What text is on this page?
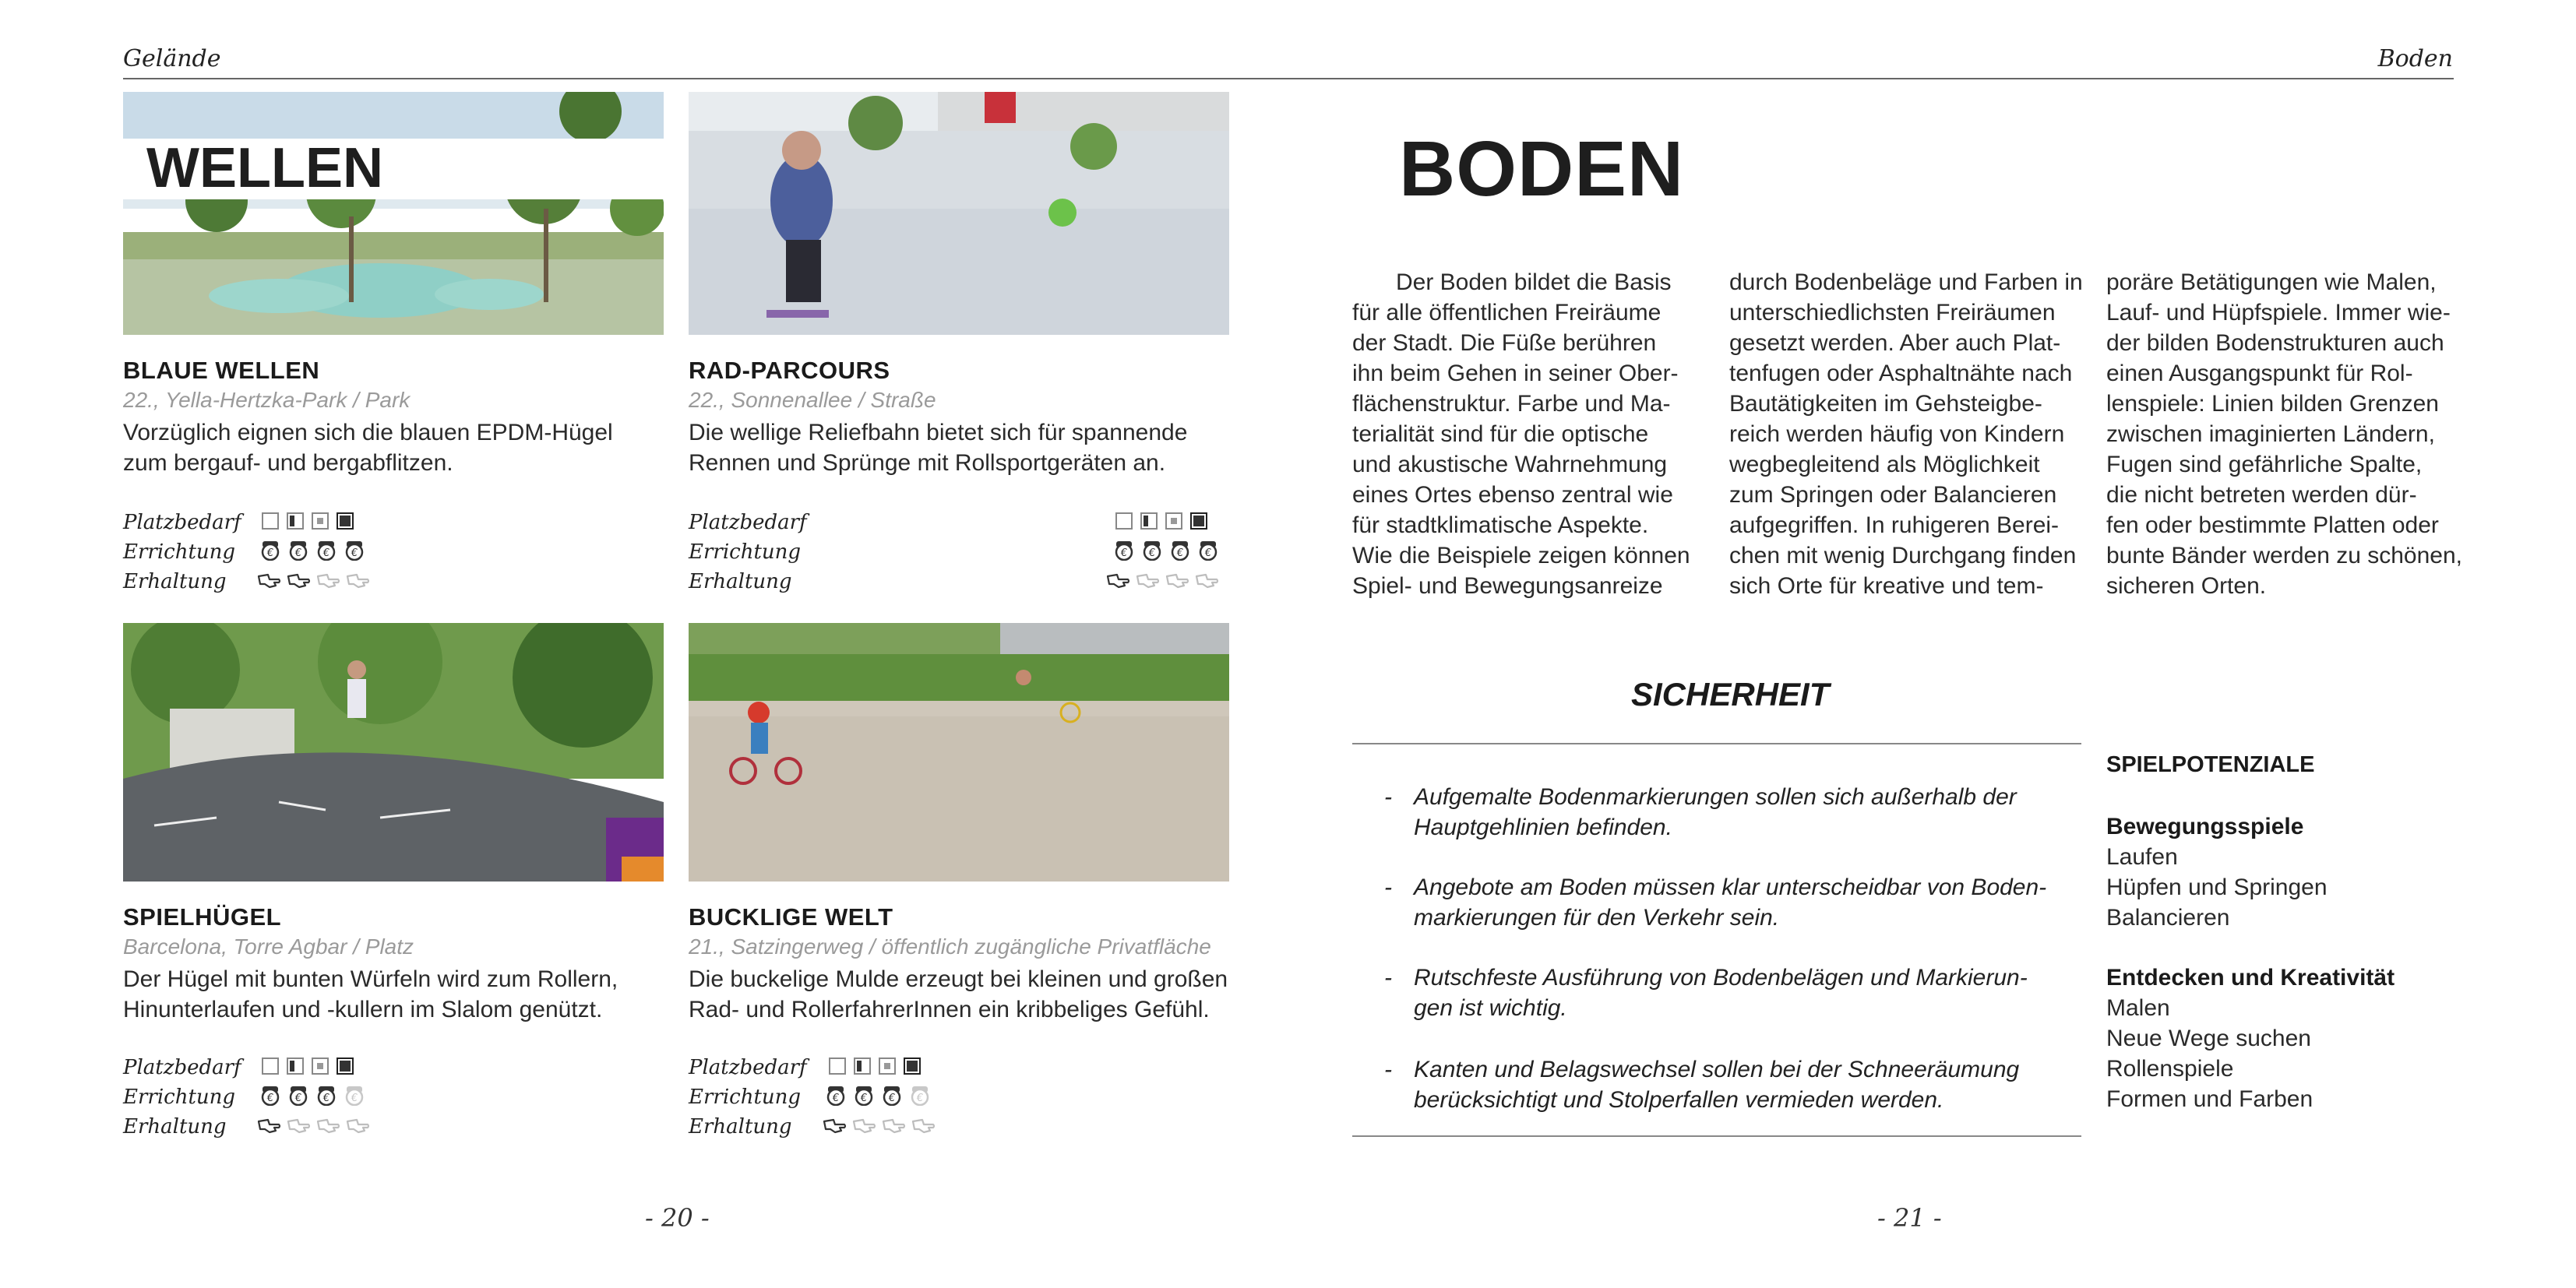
Gelände	Boden
WELLEN
BLAUE WELLEN
22., Yella-Hertzka-Park / Park
Vorzüglich eignen sich die blauen EPDM-Hügel
zum bergauf- und bergabflitzen.
RAD-PARCOURS
22., Sonnenallee / Straße
Die wellige Reliefbahn bietet sich für spannende
Rennen und Sprünge mit Rollsportgeräten an.
Platzbedarf
Errichtung
Erhaltung
€ € € €
Platzbedarf
Errichtung
Erhaltung
€ € € €
SPIELHÜGEL
Barcelona, Torre Agbar / Platz
Der Hügel mit bunten Würfeln wird zum Rollern,
Hinunterlaufen und -kullern im Slalom genützt.
BUCKLIGE WELT
21., Satzingerweg / öffentlich zugängliche Privatfläche
Die buckelige Mulde erzeugt bei kleinen und großen
Rad- und RollerfahrerInnen ein kribbeliges Gefühl.
Platzbedarf
Errichtung
Erhaltung
€ € € €
Platzbedarf
Errichtung
Erhaltung
€ € € €
- 20 -
BODEN
Der Boden bildet die Basis
für alle öffentlichen Freiräume
der Stadt. Die Füße berühren
ihn beim Gehen in seiner Ober-
flächenstruktur. Farbe und Ma-
terialität sind für die optische
und akustische Wahrnehmung
eines Ortes ebenso zentral wie
für stadtklimatische Aspekte.
Wie die Beispiele zeigen können
Spiel- und Bewegungsanreize
durch Bodenbeläge und Farben in
unterschiedlichsten Freiräumen
gesetzt werden. Aber auch Plat-
tenfugen oder Asphaltnähte nach
Bautätigkeiten im Gehsteigbe-
reich werden häufig von Kindern
wegbegleitend als Möglichkeit
zum Springen oder Balancieren
aufgegriffen. In ruhigeren Berei-
chen mit wenig Durchgang finden
sich Orte für kreative und tem-
poräre Betätigungen wie Malen,
Lauf- und Hüpfspiele. Immer wie-
der bilden Bodenstrukturen auch
einen Ausgangspunkt für Rol-
lenspiele: Linien bilden Grenzen
zwischen imaginierten Ländern,
Fugen sind gefährliche Spalte,
die nicht betreten werden dür-
fen oder bestimmte Platten oder
bunte Bänder werden zu schönen,
sicheren Orten.
SICHERHEIT
- Aufgemalte Bodenmarkierungen sollen sich außerhalb der
Hauptgehlinien befinden.
- Angebote am Boden müssen klar unterscheidbar von Boden-
markierungen für den Verkehr sein.
- Rutschfeste Ausführung von Bodenbelägen und Markierun-
gen ist wichtig.
- Kanten und Belagswechsel sollen bei der Schneeräumung
berücksichtigt und Stolperfallen vermieden werden.
SPIELPOTENZIALE
Bewegungsspiele
Laufen
Hüpfen und Springen
Balancieren
Entdecken und Kreativität
Malen
Neue Wege suchen
Rollenspiele
Formen und Farben
- 21 -
